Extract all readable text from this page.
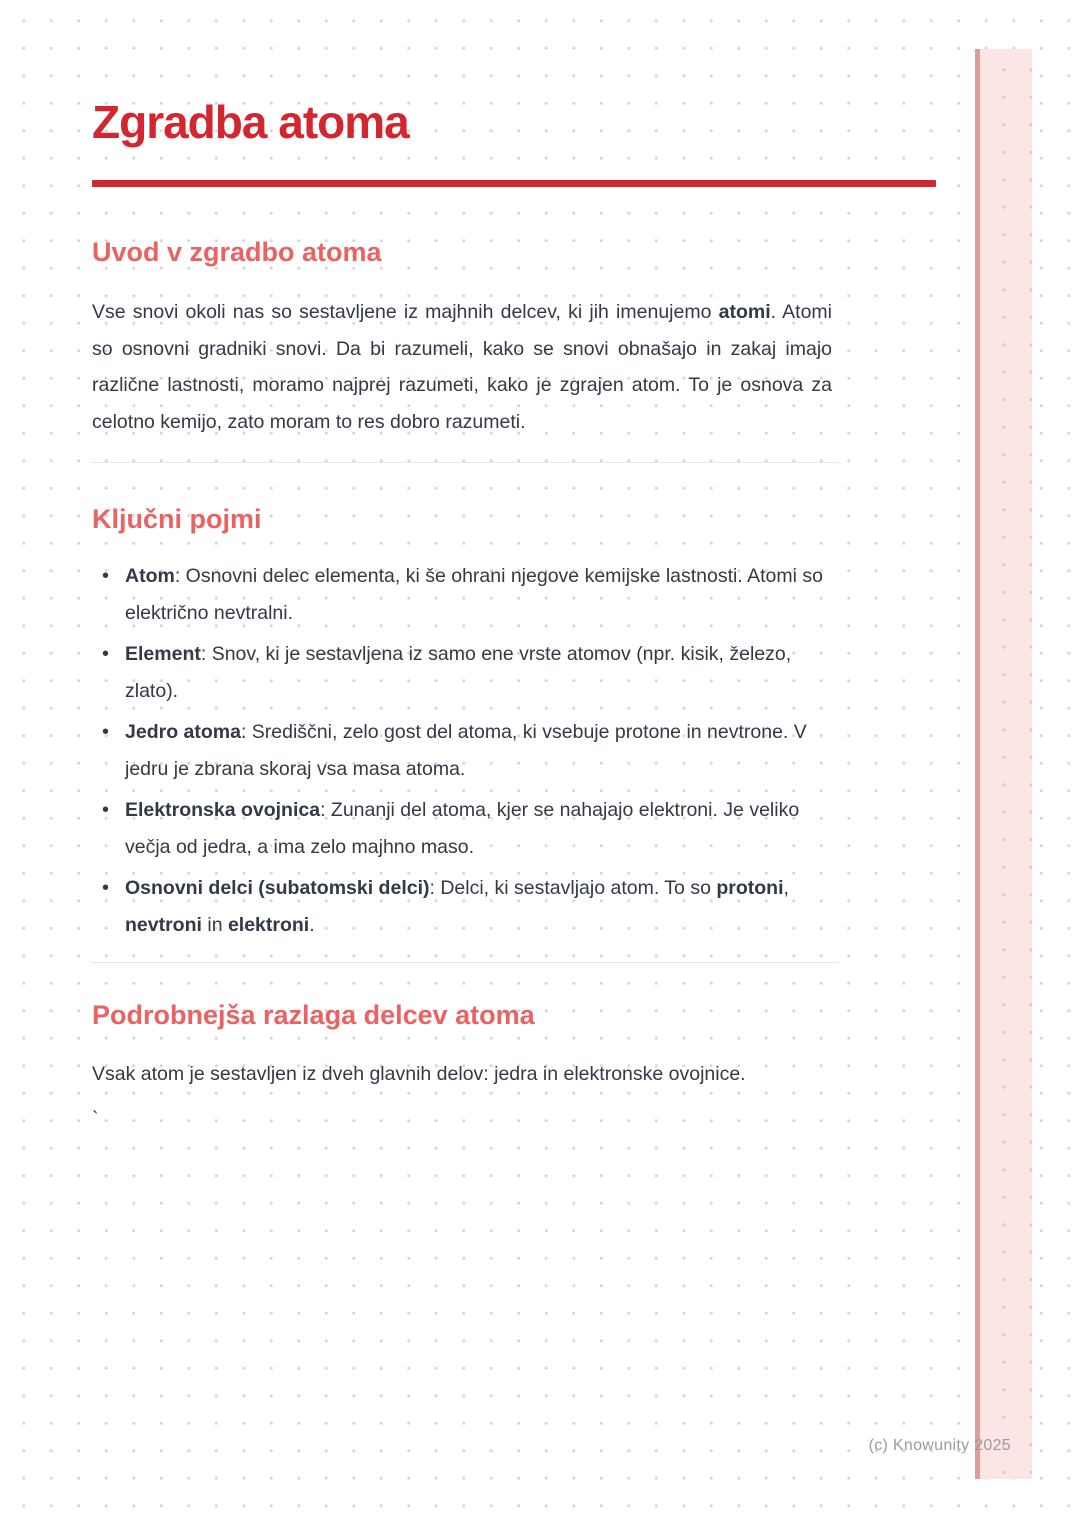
Zgradba atoma
Uvod v zgradbo atoma

Vse snovi okoli nas so sestavljene iz majhnih delcev, ki jih imenujemo atomi. Atomi so osnovni gradniki snovi. Da bi razumeli, kako se snovi obnašajo in zakaj imajo različne lastnosti, moramo najprej razumeti, kako je zgrajen atom. To je osnova za celotno kemijo, zato moram to res dobro razumeti.

Ključni pojmi
• Atom: Osnovni delec elementa, ki še ohrani njegove kemijske lastnosti. Atomi so električno nevtralni.
• Element: Snov, ki je sestavljena iz samo ene vrste atomov (npr. kisik, železo, zlato).
• Jedro atoma: Središčni, zelo gost del atoma, ki vsebuje protone in nevtrone. V jedru je zbrana skoraj vsa masa atoma.
• Elektronska ovojnica: Zunanji del atoma, kjer se nahajajo elektroni. Je veliko večja od jedra, a ima zelo majhno maso.
• Osnovni delci (subatomski delci): Delci, ki sestavljajo atom. To so protoni, nevtroni in elektroni.
Podrobnejša razlaga delcev atoma

Vsak atom je sestavljen iz dveh glavnih delov: jedra in elektronske ovojnice.

`
(c) Knowunity 2025
